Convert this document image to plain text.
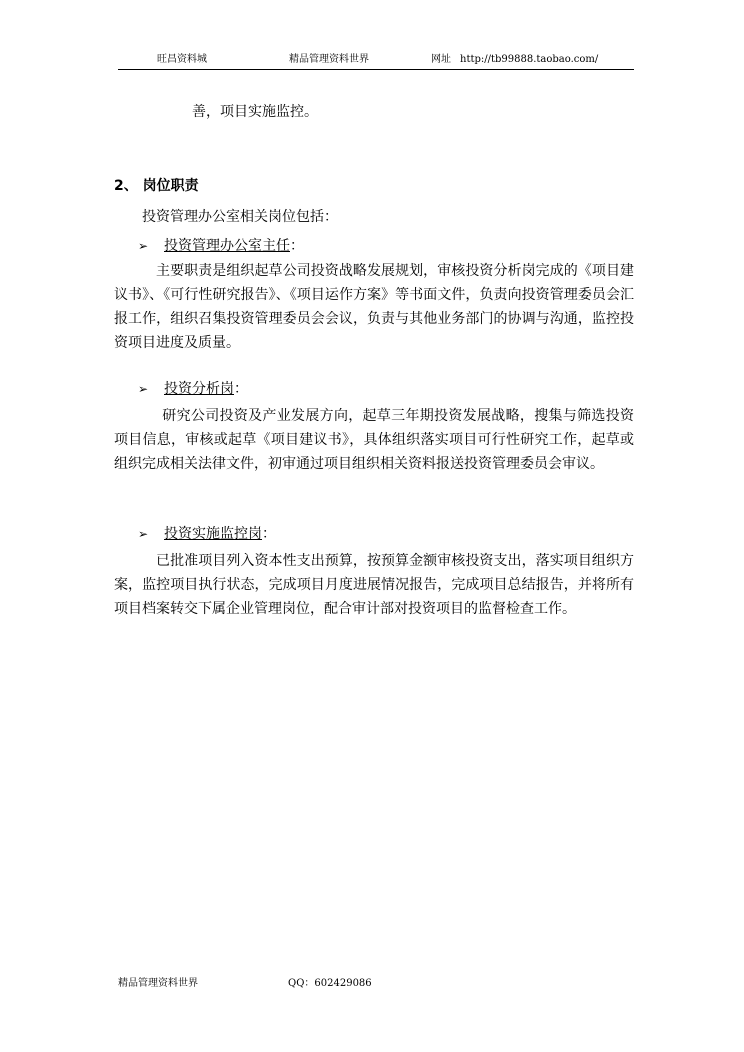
旺昌资料城	精品管理资料世界	网址 http://tb99888.taobao.com/
善，项目实施监控。
2、 岗位职责
投资管理办公室相关岗位包括：
➢ 投资管理办公室主任：
主要职责是组织起草公司投资战略发展规划，审核投资分析岗完成的《项目建议书》、《可行性研究报告》、《项目运作方案》等书面文件，负责向投资管理委员会汇报工作，组织召集投资管理委员会会议，负责与其他业务部门的协调与沟通，监控投资项目进度及质量。
➢ 投资分析岗：
研究公司投资及产业发展方向，起草三年期投资发展战略，搜集与筛选投资项目信息，审核或起草《项目建议书》，具体组织落实项目可行性研究工作，起草或组织完成相关法律文件，初审通过项目组织相关资料报送投资管理委员会审议。
➢ 投资实施监控岗：
已批准项目列入资本性支出预算，按预算金额审核投资支出，落实项目组织方案，监控项目执行状态，完成项目月度进展情况报告，完成项目总结报告，并将所有项目档案转交下属企业管理岗位，配合审计部对投资项目的监督检查工作。
精品管理资料世界	QQ：602429086
